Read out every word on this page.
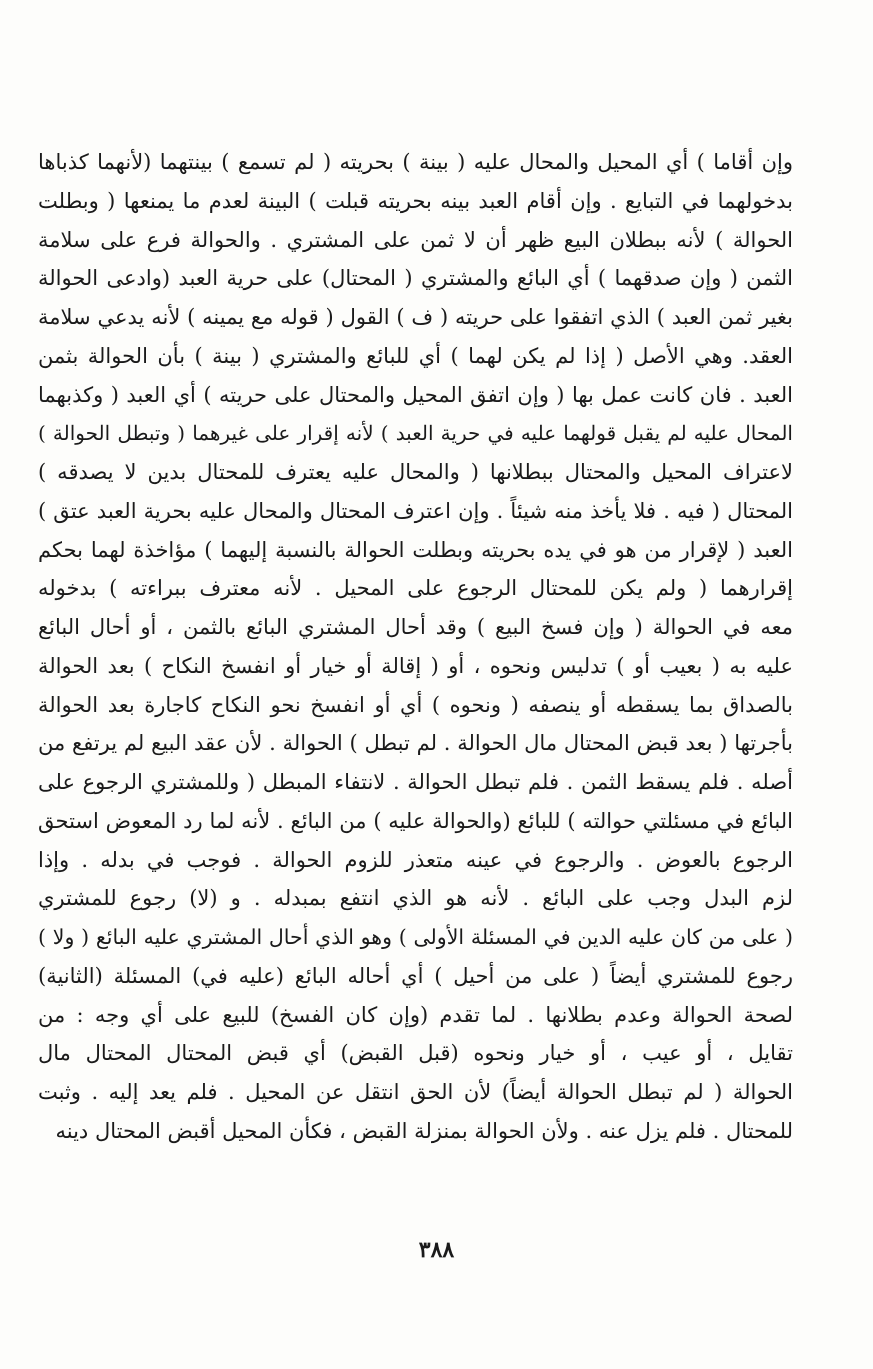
وإن أقاما ) أي المحيل والمحال عليه ( بينة ) بحريته ( لم تسمع ) بينتهما (لأنهما كذباها
بدخولهما في التبايع . وإن أقام العبد بينه بحريته قبلت ) البينة لعدم ما يمنعها ( وبطلت
الحوالة ) لأنه ببطلان البيع ظهر أن لا ثمن على المشتري . والحوالة فرع على سلامة
الثمن ( وإن صدقهما ) أي البائع والمشتري ( المحتال) على حرية العبد (وادعى الحوالة
بغير ثمن العبد ) الذي اتفقوا على حريته ( ف ) القول ( قوله مع يمينه ) لأنه يدعي سلامة
العقد. وهي الأصل ( إذا لم يكن لهما ) أي للبائع والمشتري ( بينة ) بأن الحوالة بثمن
العبد . فان كانت عمل بها ( وإن اتفق المحيل والمحتال على حريته ) أي العبد ( وكذبهما
المحال عليه لم يقبل قولهما عليه في حرية العبد ) لأنه إقرار على غيرهما ( وتبطل الحوالة )
لاعتراف المحيل والمحتال ببطلانها ( والمحال عليه يعترف للمحتال بدين لا يصدقه )
المحتال ( فيه . فلا يأخذ منه شيئاً . وإن اعترف المحتال والمحال عليه بحرية العبد عتق )
العبد ( لإقرار من هو في يده بحريته وبطلت الحوالة بالنسبة إليهما ) مؤاخذة لهما بحكم
إقرارهما ( ولم يكن للمحتال الرجوع على المحيل . لأنه معترف ببراءته ) بدخوله
معه في الحوالة ( وإن فسخ البيع ) وقد أحال المشتري البائع بالثمن ، أو أحال البائع
عليه به ( بعيب أو ) تدليس ونحوه ، أو ( إقالة أو خيار أو انفسخ النكاح ) بعد الحوالة
بالصداق بما يسقطه أو ينصفه ( ونحوه ) أي أو انفسخ نحو النكاح كاجارة بعد الحوالة
بأجرتها ( بعد قبض المحتال مال الحوالة . لم تبطل ) الحوالة . لأن عقد البيع لم يرتفع من
أصله . فلم يسقط الثمن . فلم تبطل الحوالة . لانتفاء المبطل ( وللمشتري الرجوع على
البائع في مسئلتي حوالته ) للبائع (والحوالة عليه ) من البائع . لأنه لما رد المعوض استحق
الرجوع بالعوض . والرجوع في عينه متعذر للزوم الحوالة . فوجب في بدله . وإذا
لزم البدل وجب على البائع . لأنه هو الذي انتفع بمبدله . و (لا) رجوع للمشتري
( على من كان عليه الدين في المسئلة الأولى ) وهو الذي أحال المشتري عليه البائع ( ولا )
رجوع للمشتري أيضاً ( على من أحيل ) أي أحاله البائع (عليه في) المسئلة (الثانية)
لصحة الحوالة وعدم بطلانها . لما تقدم (وإن كان الفسخ) للبيع على أي وجه : من
تقايل ، أو عيب ، أو خيار ونحوه (قبل القبض) أي قبض المحتال المحتال مال
الحوالة ( لم تبطل الحوالة أيضاً) لأن الحق انتقل عن المحيل . فلم يعد إليه . وثبت
للمحتال . فلم يزل عنه . ولأن الحوالة بمنزلة القبض ، فكأن المحيل أقبض المحتال دينه
٣٨٨
